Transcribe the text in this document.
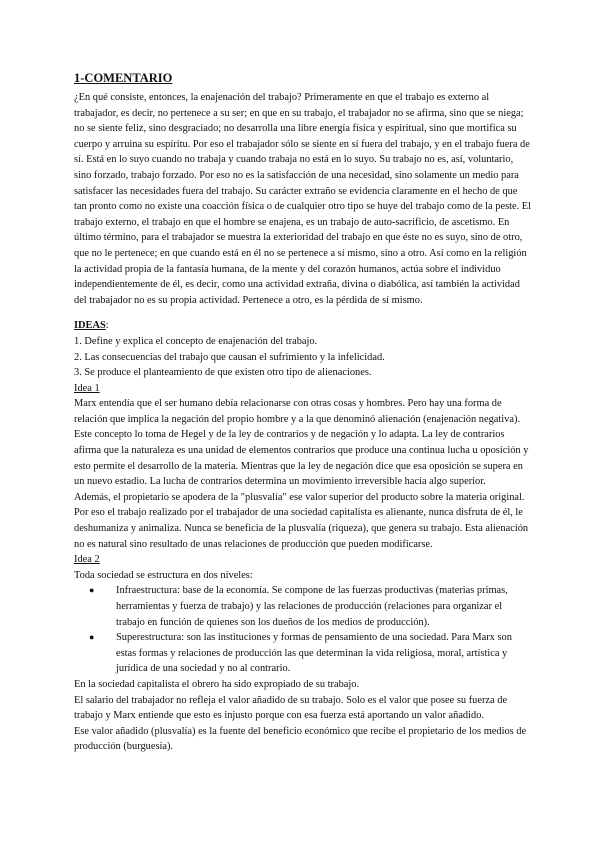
1-COMENTARIO

¿En qué consiste, entonces, la enajenación del trabajo? Primeramente en que el trabajo es externo al trabajador, es decir, no pertenece a su ser; en que en su trabajo, el trabajador no se afirma, sino que se niega; no se siente feliz, sino desgraciado; no desarrolla una libre energía física y espiritual, sino que mortifica su cuerpo y arruina su espíritu. Por eso el trabajador sólo se siente en sí fuera del trabajo, y en el trabajo fuera de sí. Está en lo suyo cuando no trabaja y cuando trabaja no está en lo suyo. Su trabajo no es, así, voluntario, sino forzado, trabajo forzado. Por eso no es la satisfacción de una necesidad, sino solamente un medio para satisfacer las necesidades fuera del trabajo. Su carácter extraño se evidencia claramente en el hecho de que tan pronto como no existe una coacción física o de cualquier otro tipo se huye del trabajo como de la peste. El trabajo externo, el trabajo en que el hombre se enajena, es un trabajo de auto-sacrificio, de ascetismo. En último término, para el trabajador se muestra la exterioridad del trabajo en que éste no es suyo, sino de otro, que no le pertenece; en que cuando está en él no se pertenece a sí mismo, sino a otro. Así como en la religión la actividad propia de la fantasía humana, de la mente y del corazón humanos, actúa sobre el individuo independientemente de él, es decir, como una actividad extraña, divina o diabólica, así también la actividad del trabajador no es su propia actividad. Pertenece a otro, es la pérdida de sí mismo.

IDEAS:

1. Define y explica el concepto de enajenación del trabajo.

2. Las consecuencias del trabajo que causan el sufrimiento y la infelicidad.

3. Se produce el planteamiento de que existen otro tipo de alienaciones.

Idea 1

Marx entendía que el ser humano debía relacionarse con otras cosas y hombres. Pero hay una forma de relación que implica la negación del propio hombre y a la que denominó alienación (enajenación negativa). Este concepto lo toma de Hegel y de la ley de contrarios y de negación y lo adapta. La ley de contrarios afirma que la naturaleza es una unidad de elementos contrarios que produce una continua lucha u oposición y esto permite el desarrollo de la materia. Mientras que la ley de negación dice que esa oposición se supera en un nuevo estadio. La lucha de contrarios determina un movimiento irreversible hacia algo superior.

Además, el propietario se apodera de la "plusvalía" ese valor superior del producto sobre la materia original. Por eso el trabajo realizado por el trabajador de una sociedad capitalista es alienante, nunca disfruta de él, le deshumaniza y animaliza. Nunca se beneficia de la plusvalía (riqueza), que genera su trabajo. Esta alienación no es natural sino resultado de unas relaciones de producción que pueden modificarse.

Idea 2

Toda sociedad se estructura en dos niveles:

● Infraestructura: base de la economía. Se compone de las fuerzas productivas (materias primas, herramientas y fuerza de trabajo) y las relaciones de producción (relaciones para organizar el trabajo en función de quienes son los dueños de los medios de producción).
● Superestructura: son las instituciones y formas de pensamiento de una sociedad. Para Marx son estas formas y relaciones de producción las que determinan la vida religiosa, moral, artística y jurídica de una sociedad y no al contrario.

En la sociedad capitalista el obrero ha sido expropiado de su trabajo.

El salario del trabajador no refleja el valor añadido de su trabajo. Solo es el valor que posee su fuerza de trabajo y Marx entiende que esto es injusto porque con esa fuerza está aportando un valor añadido.

Ese valor añadido (plusvalía) es la fuente del beneficio económico que recibe el propietario de los medios de producción (burguesía).
